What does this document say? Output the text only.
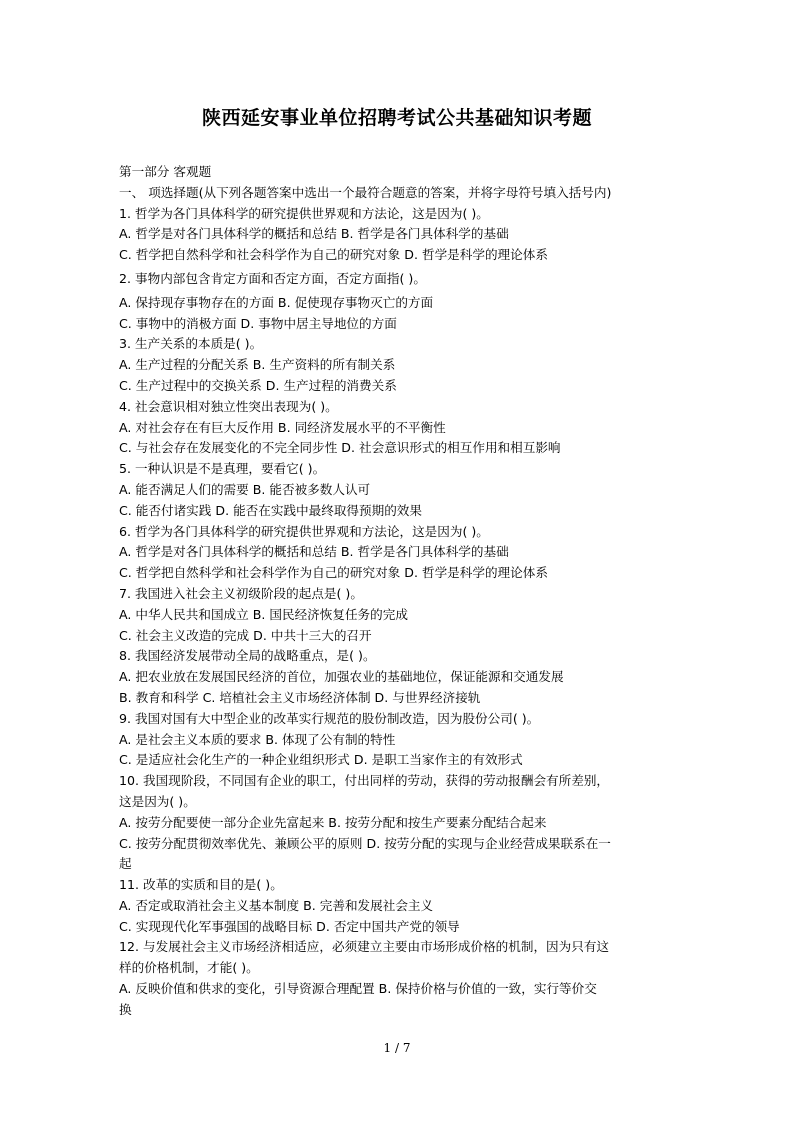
陕西延安事业单位招聘考试公共基础知识考题
第一部分 客观题
一、 项选择题(从下列各题答案中选出一个最符合题意的答案，并将字母符号填入括号内)
1. 哲学为各门具体科学的研究提供世界观和方法论，这是因为( )。
A. 哲学是对各门具体科学的概括和总结 B. 哲学是各门具体科学的基础
C. 哲学把自然科学和社会科学作为自己的研究对象 D. 哲学是科学的理论体系
2. 事物内部包含肯定方面和否定方面，否定方面指( )。
A. 保持现存事物存在的方面 B. 促使现存事物灭亡的方面
C. 事物中的消极方面 D. 事物中居主导地位的方面
3. 生产关系的本质是( )。
A. 生产过程的分配关系 B. 生产资料的所有制关系
C. 生产过程中的交换关系 D. 生产过程的消费关系
4. 社会意识相对独立性突出表现为( )。
A. 对社会存在有巨大反作用 B. 同经济发展水平的不平衡性
C. 与社会存在发展变化的不完全同步性 D. 社会意识形式的相互作用和相互影响
5. 一种认识是不是真理，要看它( )。
A. 能否满足人们的需要 B. 能否被多数人认可
C. 能否付诸实践 D. 能否在实践中最终取得预期的效果
6. 哲学为各门具体科学的研究提供世界观和方法论，这是因为( )。
A. 哲学是对各门具体科学的概括和总结 B. 哲学是各门具体科学的基础
C. 哲学把自然科学和社会科学作为自己的研究对象 D. 哲学是科学的理论体系
7. 我国进入社会主义初级阶段的起点是( )。
A. 中华人民共和国成立 B. 国民经济恢复任务的完成
C. 社会主义改造的完成 D. 中共十三大的召开
8. 我国经济发展带动全局的战略重点，是( )。
A. 把农业放在发展国民经济的首位，加强农业的基础地位，保证能源和交通发展
B. 教育和科学 C. 培植社会主义市场经济体制 D. 与世界经济接轨
9. 我国对国有大中型企业的改革实行规范的股份制改造，因为股份公司( )。
A. 是社会主义本质的要求 B. 体现了公有制的特性
C. 是适应社会化生产的一种企业组织形式 D. 是职工当家作主的有效形式
10. 我国现阶段，不同国有企业的职工，付出同样的劳动，获得的劳动报酬会有所差别，
这是因为( )。
A. 按劳分配要使一部分企业先富起来 B. 按劳分配和按生产要素分配结合起来
C. 按劳分配贯彻效率优先、兼顾公平的原则 D. 按劳分配的实现与企业经营成果联系在一
起
11. 改革的实质和目的是( )。
A. 否定或取消社会主义基本制度 B. 完善和发展社会主义
C. 实现现代化军事强国的战略目标 D. 否定中国共产党的领导
12. 与发展社会主义市场经济相适应，必须建立主要由市场形成价格的机制，因为只有这
样的价格机制，才能( )。
A. 反映价值和供求的变化，引导资源合理配置 B. 保持价格与价值的一致，实行等价交
换
1 / 7
